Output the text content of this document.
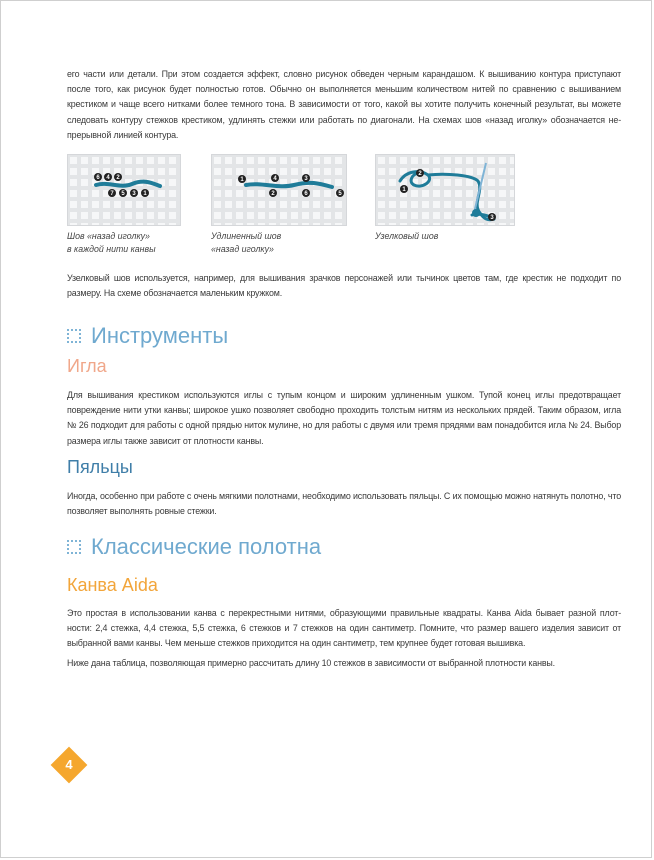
его части или детали. При этом создается эффект, словно рисунок обведен черным карандашом. К вышиванию контура приступают после того, как рисунок будет полностью готов. Обычно он выполняется меньшим количеством нитей по сравнению с вышиванием крестиком и чаще всего нитками более темного тона. В зависимости от того, какой вы хотите получить конечный результат, вы можете следовать контуру стежков крестиком, удлинять стежки или работать по диагонали. На схемах шов «назад иголку» обозначается не-прерывной линией контура.

6 4 2
7 5 3 1
Шов «назад иголку»
в каждой нити канвы
1	4	3
2	6	5
Удлиненный шов
«назад иголку»
1
2
3
Узелковый шов

Узелковый шов используется, например, для вышивания зрачков персонажей или тычинок цветов там, где крестик не подходит по размеру. На схеме обозначается маленьким кружком.

Инструменты
Игла

Для вышивания крестиком используются иглы с тупым концом и широким удлиненным ушком. Тупой конец иглы предотвращает повреждение нити утки канвы; широкое ушко позволяет свободно проходить толстым нитям из нескольких прядей. Таким образом, игла № 26 подходит для работы с одной прядью ниток мулине, но для работы с двумя или тремя прядями вам понадобится игла № 24. Выбор размера иглы также зависит от плотности канвы.

Пяльцы

Иногда, особенно при работе с очень мягкими полотнами, необходимо использовать пяльцы. С их помощью можно натянуть полотно, что позволяет выполнять ровные стежки.

Классические полотна
Канва Aida

Это простая в использовании канва с перекрестными нитями, образующими правильные квадраты. Канва Aida бывает разной плот-ности: 2,4 стежка, 4,4 стежка, 5,5 стежка, 6 стежков и 7 стежков на один сантиметр. Помните, что размер вашего изделия зависит от выбранной вами канвы. Чем меньше стежков приходится на один сантиметр, тем крупнее будет готовая вышивка.

Ниже дана таблица, позволяющая примерно рассчитать длину 10 стежков в зависимости от выбранной плотности канвы.

4
